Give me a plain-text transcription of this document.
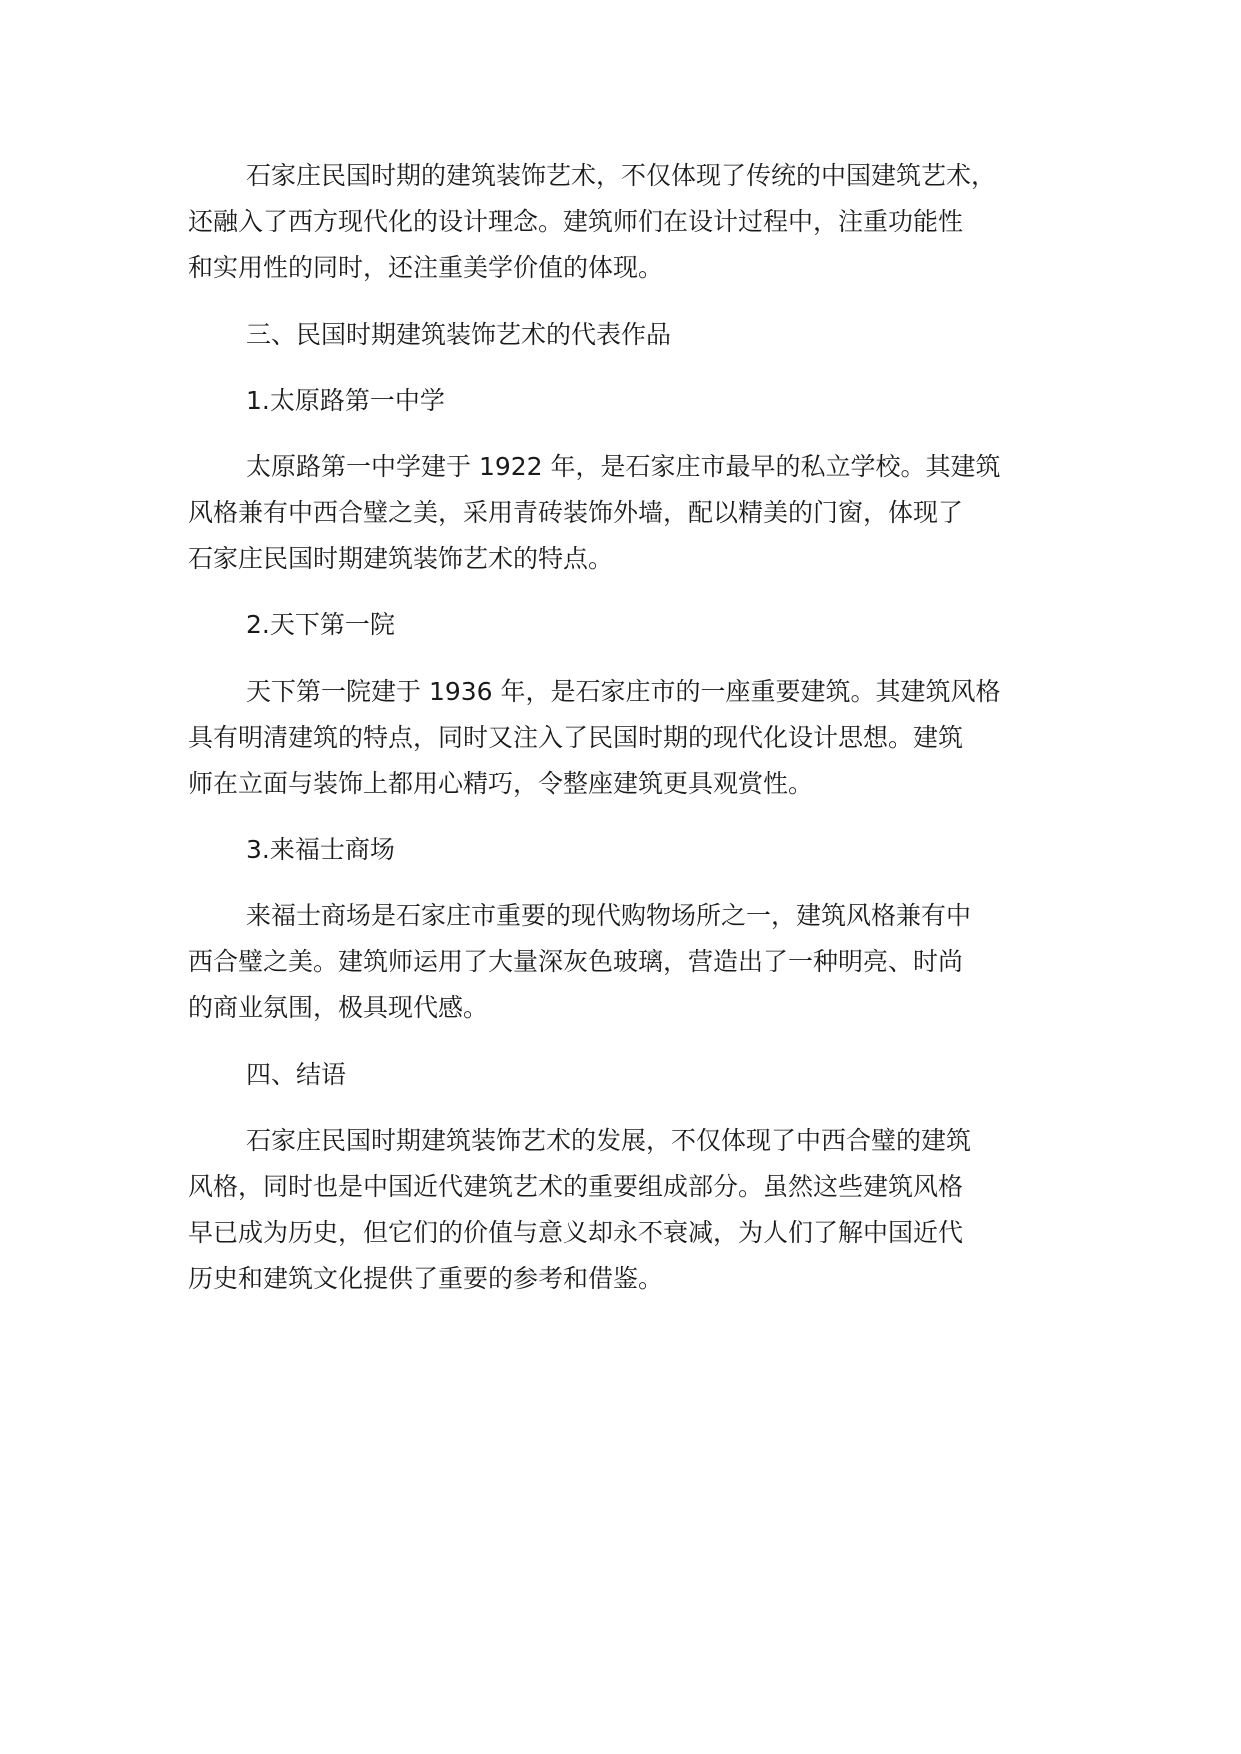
石家庄民国时期的建筑装饰艺术，不仅体现了传统的中国建筑艺术，
还融入了西方现代化的设计理念。建筑师们在设计过程中，注重功能性
和实用性的同时，还注重美学价值的体现。
三、民国时期建筑装饰艺术的代表作品
1.太原路第一中学
太原路第一中学建于 1922 年，是石家庄市最早的私立学校。其建筑
风格兼有中西合璧之美，采用青砖装饰外墙，配以精美的门窗，体现了
石家庄民国时期建筑装饰艺术的特点。
2.天下第一院
天下第一院建于 1936 年，是石家庄市的一座重要建筑。其建筑风格
具有明清建筑的特点，同时又注入了民国时期的现代化设计思想。建筑
师在立面与装饰上都用心精巧，令整座建筑更具观赏性。
3.来福士商场
来福士商场是石家庄市重要的现代购物场所之一，建筑风格兼有中
西合璧之美。建筑师运用了大量深灰色玻璃，营造出了一种明亮、时尚
的商业氛围，极具现代感。
四、结语
石家庄民国时期建筑装饰艺术的发展，不仅体现了中西合璧的建筑
风格，同时也是中国近代建筑艺术的重要组成部分。虽然这些建筑风格
早已成为历史，但它们的价值与意义却永不衰减，为人们了解中国近代
历史和建筑文化提供了重要的参考和借鉴。
